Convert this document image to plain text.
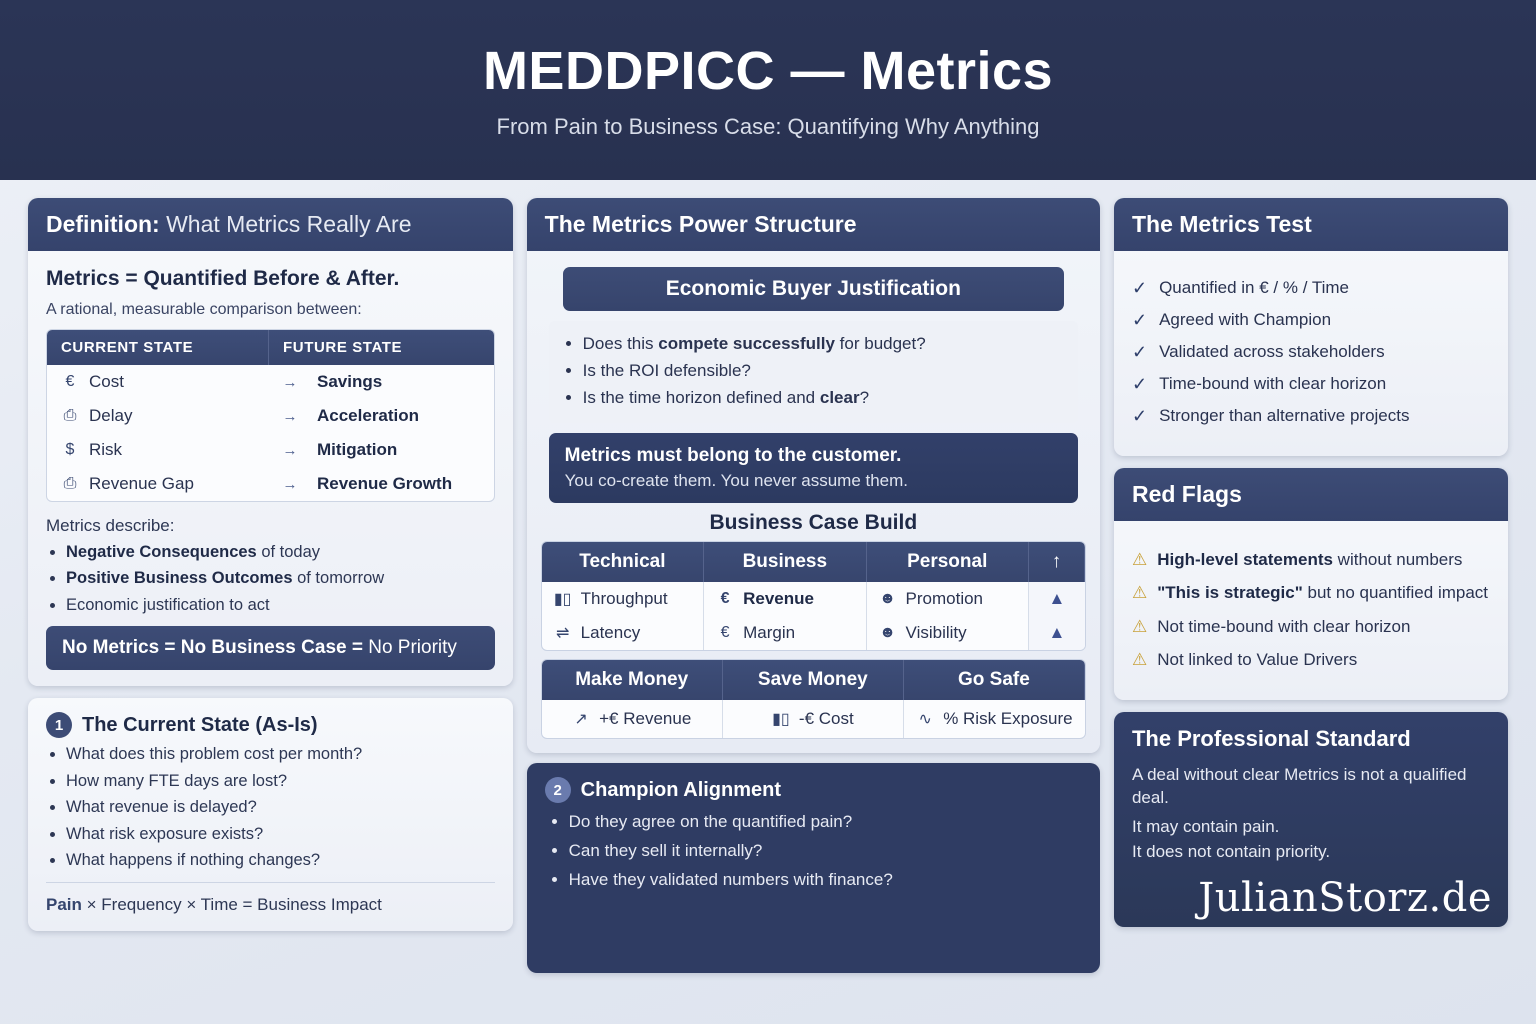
MEDDPICC — Metrics
From Pain to Business Case: Quantifying Why Anything
Definition: What Metrics Really Are
Metrics = Quantified Before & After.
A rational, measurable comparison between:
CURRENT STATE	FUTURE STATE
€ Cost	→	Savings
⎙ Delay	→	Acceleration
$ Risk	→	Mitigation
⎙ Revenue Gap	→	Revenue Growth
Metrics describe:
• Negative Consequences of today
• Positive Business Outcomes of tomorrow
• Economic justification to act
No Metrics = No Business Case = No Priority
1 The Current State (As-Is)
• What does this problem cost per month?
• How many FTE days are lost?
• What revenue is delayed?
• What risk exposure exists?
• What happens if nothing changes?
Pain × Frequency × Time = Business Impact
The Metrics Power Structure
Economic Buyer Justification
• Does this compete successfully for budget?
• Is the ROI defensible?
• Is the time horizon defined and clear?
Metrics must belong to the customer.
You co-create them. You never assume them.
Business Case Build
Technical	Business	Personal	↑
▮▯ Throughput	€ Revenue	☻ Promotion	▲
⇌ Latency	€ Margin	☻ Visibility	▲
Make Money	Save Money	Go Safe
↗ +€ Revenue	▮▯ -€ Cost	∿ % Risk Exposure
2 Champion Alignment
• Do they agree on the quantified pain?
• Can they sell it internally?
• Have they validated numbers with finance?
The Metrics Test
✓ Quantified in € / % / Time
✓ Agreed with Champion
✓ Validated across stakeholders
✓ Time-bound with clear horizon
✓ Stronger than alternative projects
Red Flags
⚠ High-level statements without numbers
⚠ "This is strategic" but no quantified impact
⚠ Not time-bound with clear horizon
⚠ Not linked to Value Drivers
The Professional Standard

A deal without clear Metrics is not a qualified deal.

It may contain pain.

It does not contain priority.

JulianStorz.de
